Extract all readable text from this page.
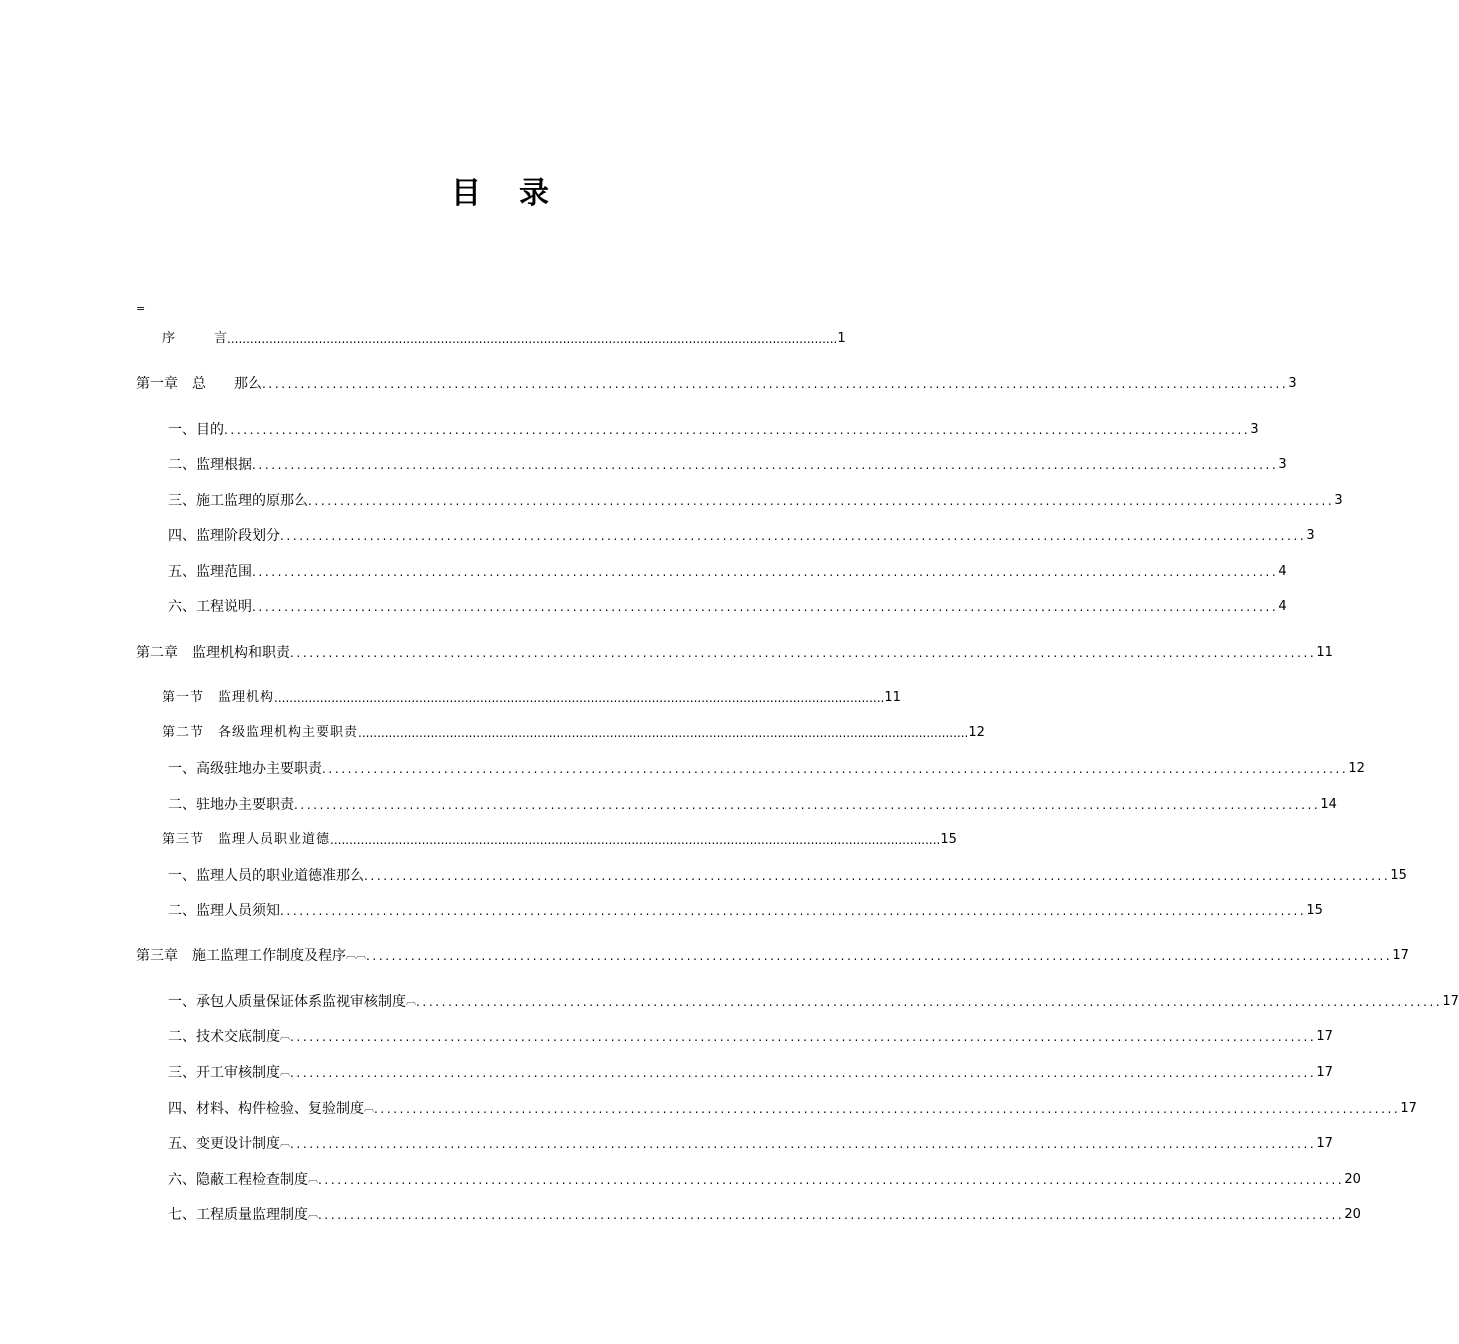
目 录
=
序　　　言 ................................................................................................................................................................ 1
第一章　总　　那么 ................................................................................................................................................................ 3
一、目的 ................................................................................................................................................................ 3
二、监理根据 ................................................................................................................................................................ 3
三、施工监理的原那么 ................................................................................................................................................................ 3
四、监理阶段划分 ................................................................................................................................................................ 3
五、监理范围 ................................................................................................................................................................ 4
六、工程说明 ................................................................................................................................................................ 4
第二章　监理机构和职责 ................................................................................................................................................................ 11
第一节　监理机构 ................................................................................................................................................................ 11
第二节　各级监理机构主要职责 ................................................................................................................................................................ 12
一、高级驻地办主要职责 ................................................................................................................................................................ 12
二、驻地办主要职责 ................................................................................................................................................................ 14
第三节　监理人员职业道德 ................................................................................................................................................................ 15
一、监理人员的职业道德准那么 ................................................................................................................................................................ 15
二、监理人员须知 ................................................................................................................................................................ 15
第三章　施工监理工作制度及程序 ︹︹ ................................................................................................................................................................ 17
一、承包人质量保证体系监视审核制度 ︹ ................................................................................................................................................................ 17
二、技术交底制度 ︹ ................................................................................................................................................................ 17
三、开工审核制度 ︹ ................................................................................................................................................................ 17
四、材料、构件检验、复验制度 ︹ ................................................................................................................................................................ 17
五、变更设计制度 ︹ ................................................................................................................................................................ 17
六、隐蔽工程检查制度 ︹ ................................................................................................................................................................ 20
七、工程质量监理制度 ︹ ................................................................................................................................................................ 20
